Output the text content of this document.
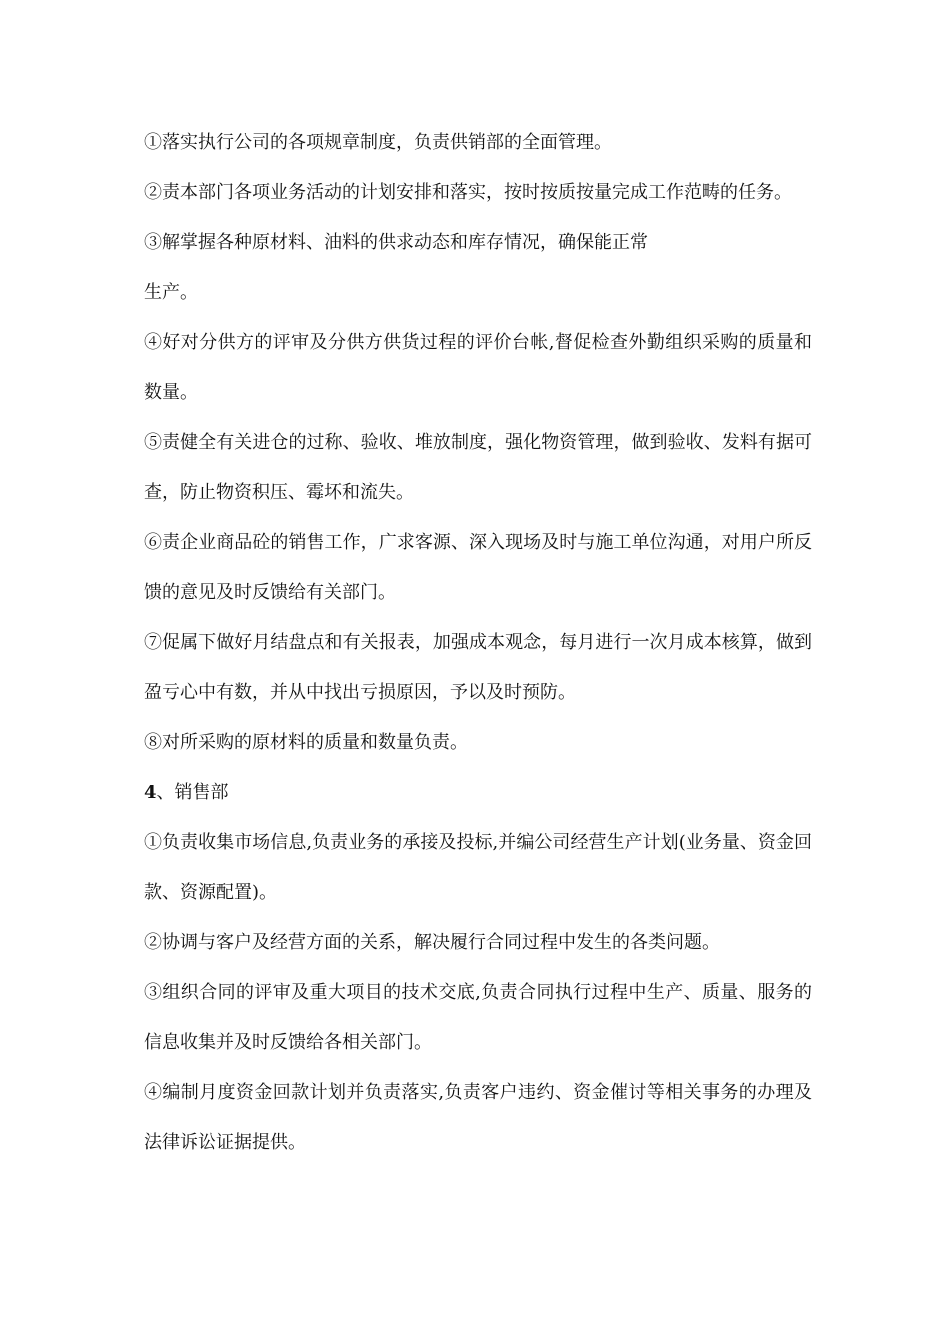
①落实执行公司的各项规章制度，负责供销部的全面管理。

②责本部门各项业务活动的计划安排和落实，按时按质按量完成工作范畴的任务。

③解掌握各种原材料、油料的供求动态和库存情况，确保能正常

生产。

④好对分供方的评审及分供方供货过程的评价台帐,督促检查外勤组织采购的质量和数量。

⑤责健全有关进仓的过称、验收、堆放制度，强化物资管理，做到验收、发料有据可查，防止物资积压、霉坏和流失。

⑥责企业商品砼的销售工作，广求客源、深入现场及时与施工单位沟通，对用户所反馈的意见及时反馈给有关部门。

⑦促属下做好月结盘点和有关报表，加强成本观念，每月进行一次月成本核算，做到盈亏心中有数，并从中找出亏损原因，予以及时预防。

⑧对所采购的原材料的质量和数量负责。

4、销售部

①负责收集市场信息,负责业务的承接及投标,并编公司经营生产计划(业务量、资金回款、资源配置)。

②协调与客户及经营方面的关系，解决履行合同过程中发生的各类问题。

③组织合同的评审及重大项目的技术交底,负责合同执行过程中生产、质量、服务的信息收集并及时反馈给各相关部门。

④编制月度资金回款计划并负责落实,负责客户违约、资金催讨等相关事务的办理及法律诉讼证据提供。
